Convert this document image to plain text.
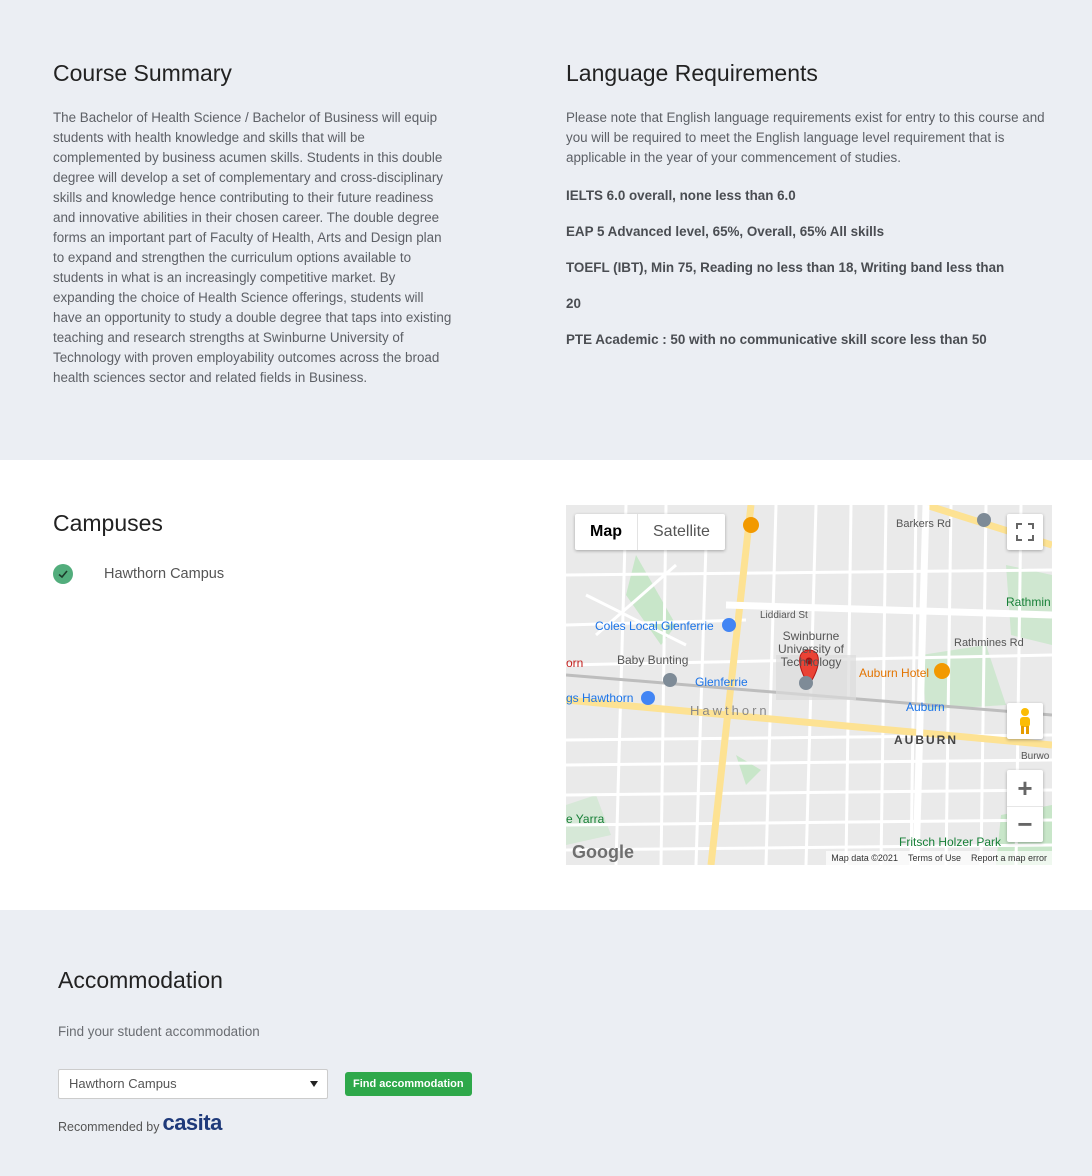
Course Summary

The Bachelor of Health Science / Bachelor of Business will equip students with health knowledge and skills that will be complemented by business acumen skills. Students in this double degree will develop a set of complementary and cross-disciplinary skills and knowledge hence contributing to their future readiness and innovative abilities in their chosen career. The double degree forms an important part of Faculty of Health, Arts and Design plan to expand and strengthen the curriculum options available to students in what is an increasingly competitive market. By expanding the choice of Health Science offerings, students will have an opportunity to study a double degree that taps into existing teaching and research strengths at Swinburne University of Technology with proven employability outcomes across the broad health sciences sector and related fields in Business.

Language Requirements

Please note that English language requirements exist for entry to this course and you will be required to meet the English language level requirement that is applicable in the year of your commencement of studies.

IELTS 6.0 overall, none less than 6.0

EAP 5 Advanced level, 65%, Overall, 65% All skills

TOEFL (IBT), Min 75, Reading no less than 18, Writing band less than

20

PTE Academic : 50 with no communicative skill score less than 50

Campuses
Hawthorn Campus
Barkers Rd
Rathmines Rd
Rathmin
Coles Local Glenferrie
Baby Bunting
Swinburne
University of
Technology
Auburn Hotel
Glenferrie
Auburn
Hawthorn
AUBURN
gs Hawthorn
orn
e Yarra
Fritsch Holzer Park
Liddiard St
Burwo
Map	Satellite
+
−
Google	Map data ©2021 Terms of Use Report a map error
Accommodation

Find your student accommodation

Hawthorn Campus	Find accommodation
Recommended by casita
